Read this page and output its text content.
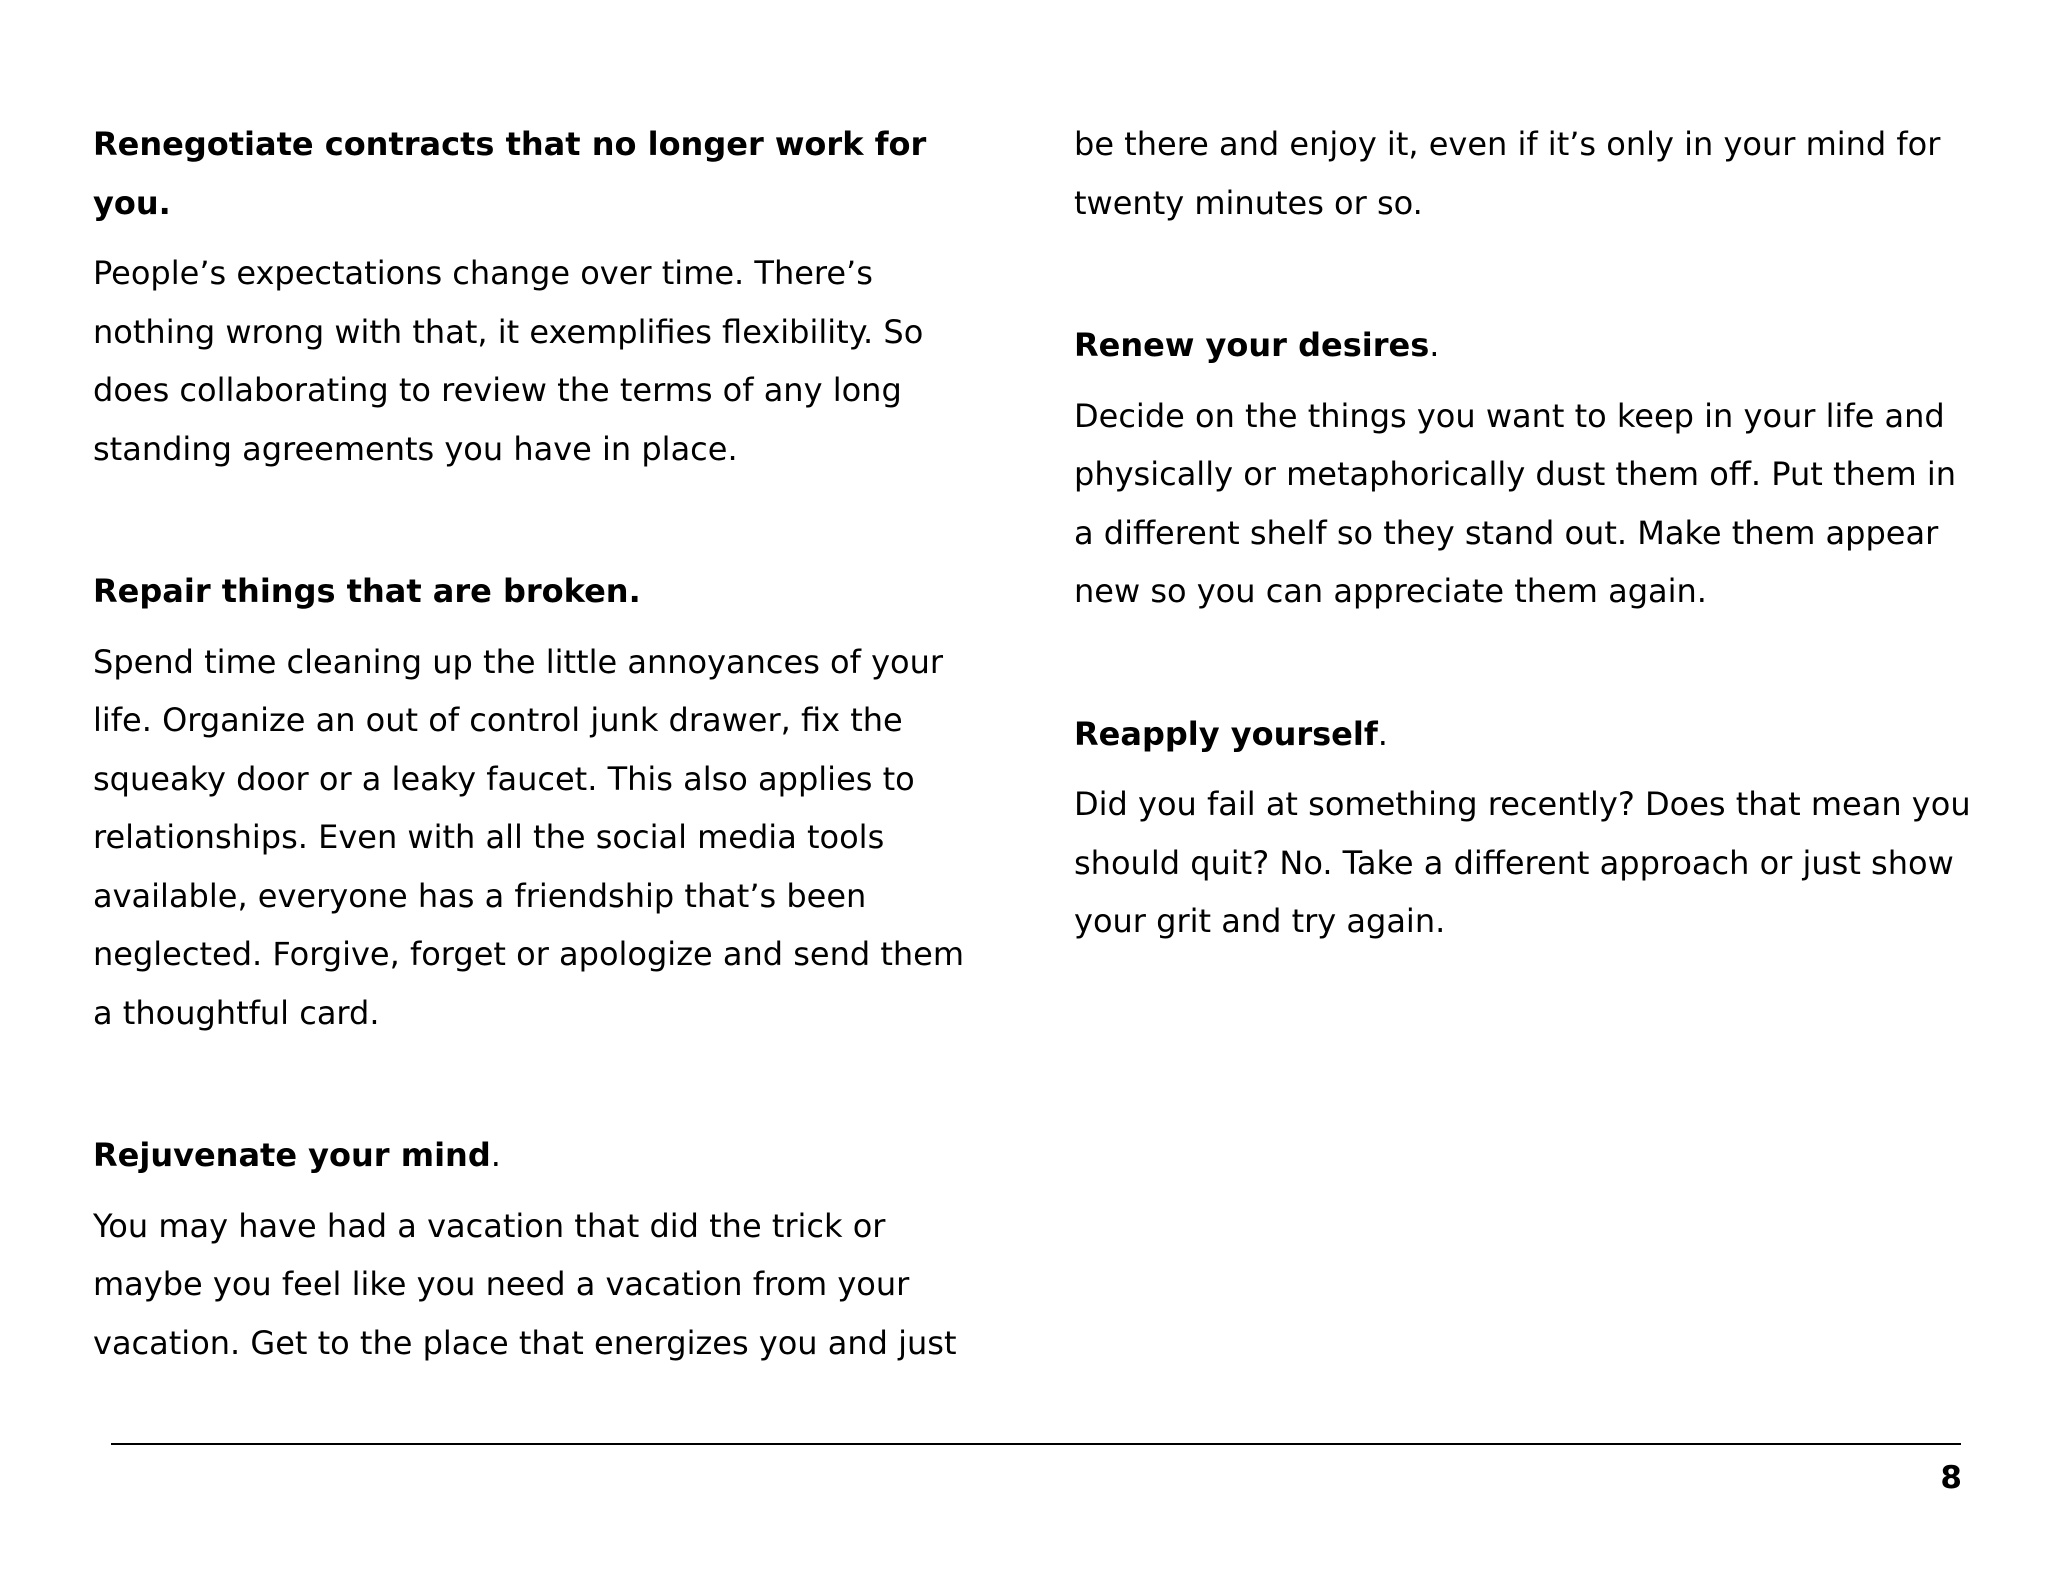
Renegotiate contracts that no longer work for you.

People’s expectations change over time. There’s nothing wrong with that, it exemplifies flexibility. So does collaborating to review the terms of any long standing agreements you have in place.

Repair things that are broken.

Spend time cleaning up the little annoyances of your life. Organize an out of control junk drawer, fix the squeaky door or a leaky faucet. This also applies to relationships. Even with all the social media tools available, everyone has a friendship that’s been neglected. Forgive, forget or apologize and send them a thoughtful card.

Rejuvenate your mind.

You may have had a vacation that did the trick or maybe you feel like you need a vacation from your vacation. Get to the place that energizes you and just

be there and enjoy it, even if it’s only in your mind for twenty minutes or so.

Renew your desires.

Decide on the things you want to keep in your life and physically or metaphorically dust them off. Put them in a different shelf so they stand out. Make them appear new so you can appreciate them again.

Reapply yourself.

Did you fail at something recently? Does that mean you should quit? No. Take a different approach or just show your grit and try again.

8
